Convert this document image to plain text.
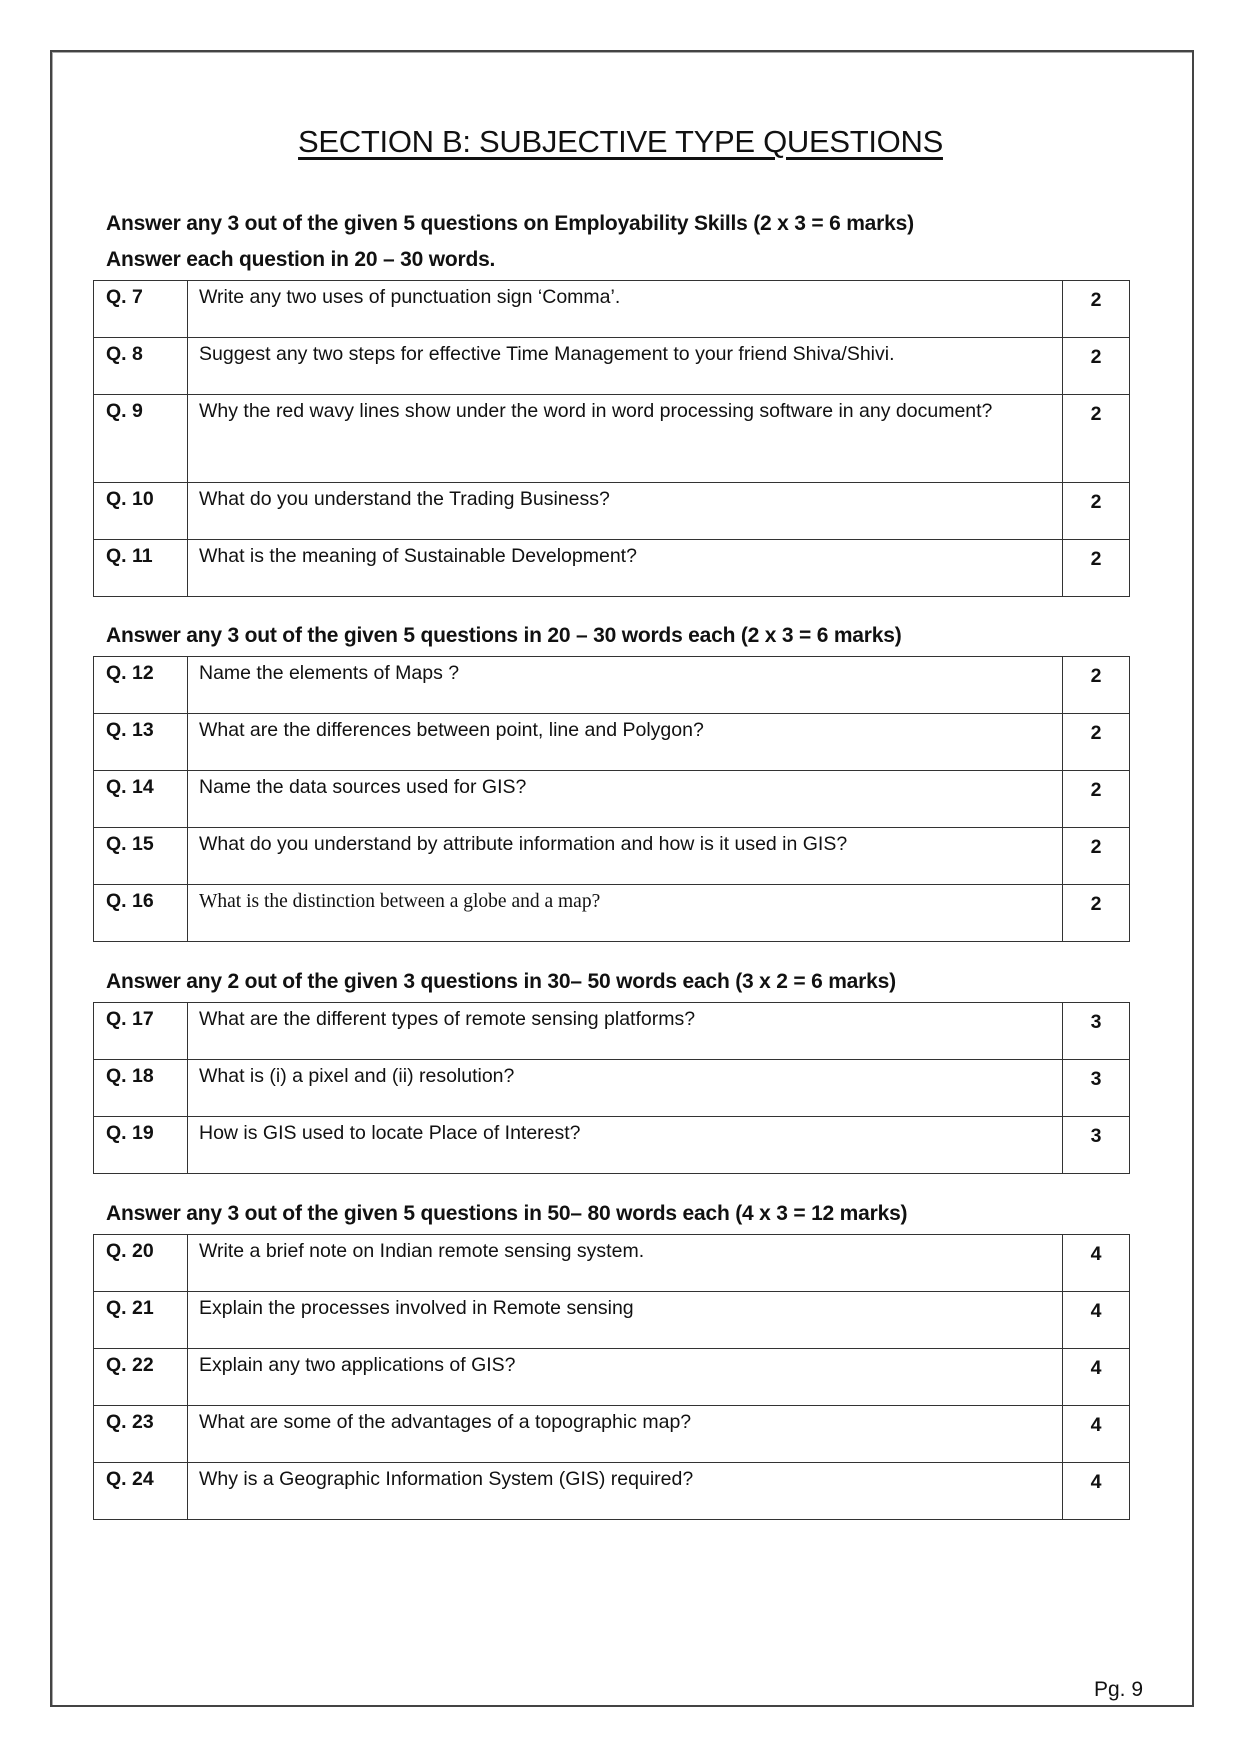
SECTION B: SUBJECTIVE TYPE QUESTIONS
Answer any 3 out of the given 5 questions on Employability Skills (2 x 3 = 6 marks)
Answer each question in 20 – 30 words.
Q. 7	Write any two uses of punctuation sign ‘Comma’.	2
Q. 8	Suggest any two steps for effective Time Management to your friend Shiva/Shivi.	2
Q. 9	Why the red wavy lines show under the word in word processing software in any document?	2
Q. 10	What do you understand the Trading Business?	2
Q. 11	What is the meaning of Sustainable Development?	2
Answer any 3 out of the given 5 questions in 20 – 30 words each (2 x 3 = 6 marks)
Q. 12	Name the elements of Maps ?	2
Q. 13	What are the differences between point, line and Polygon?	2
Q. 14	Name the data sources used for GIS?	2
Q. 15	What do you understand by attribute information and how is it used in GIS?	2
Q. 16	What is the distinction between a globe and a map?	2
Answer any 2 out of the given 3 questions in 30– 50 words each (3 x 2 = 6 marks)
Q. 17	What are the different types of remote sensing platforms?	3
Q. 18	What is (i) a pixel and (ii) resolution?	3
Q. 19	How is GIS used to locate Place of Interest?	3
Answer any 3 out of the given 5 questions in 50– 80 words each (4 x 3 = 12 marks)
Q. 20	Write a brief note on Indian remote sensing system.	4
Q. 21	Explain the processes involved in Remote sensing	4
Q. 22	Explain any two applications of GIS?	4
Q. 23	What are some of the advantages of a topographic map?	4
Q. 24	Why is a Geographic Information System (GIS) required?	4
Pg. 9
